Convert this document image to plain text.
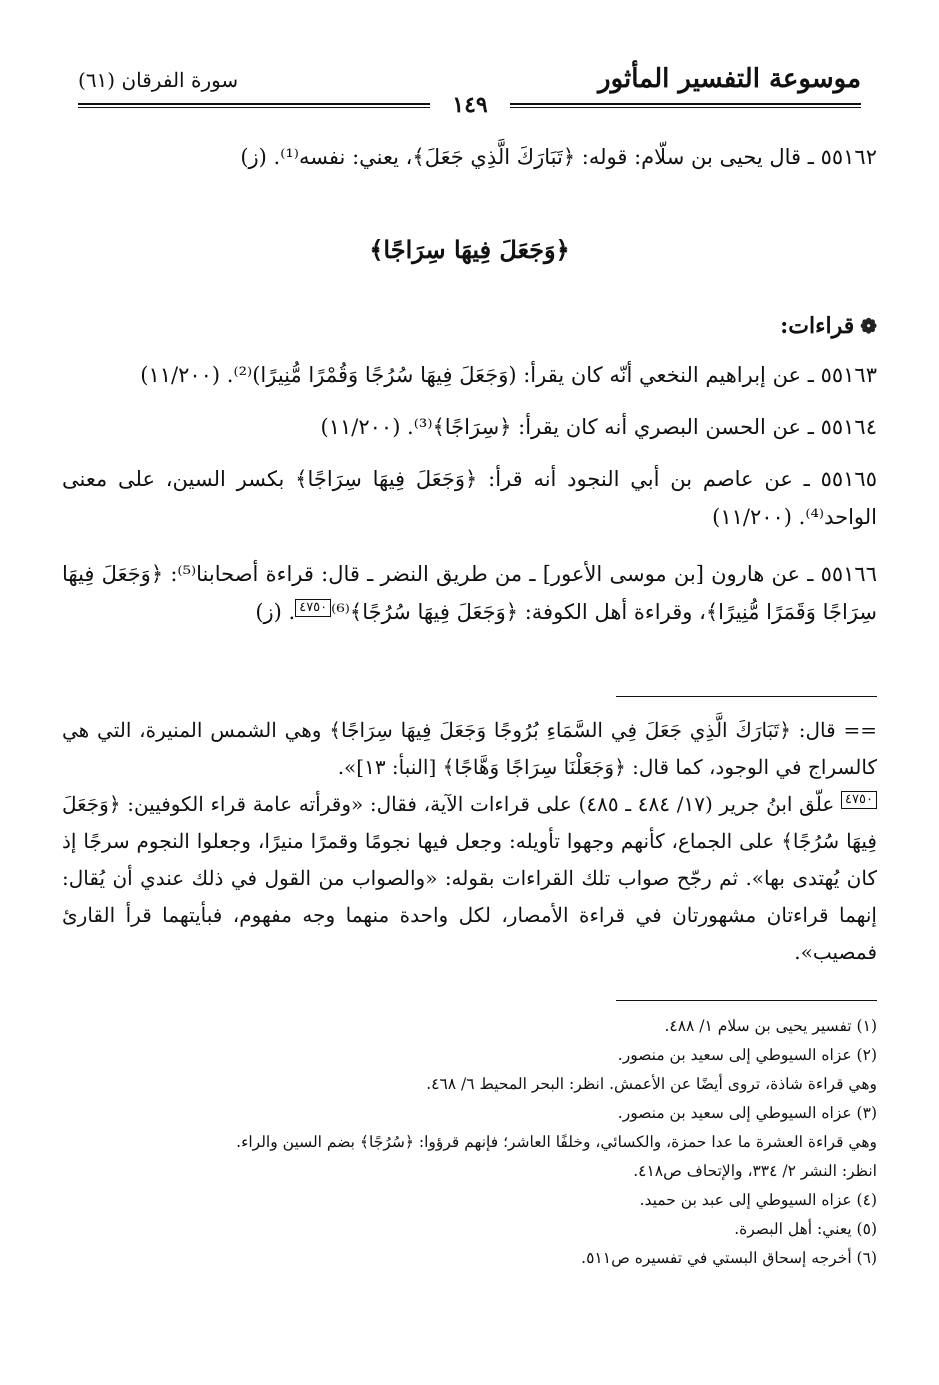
موسوعة التفسير المأثور
سورة الفرقان (٦١)
١٤٩

٥٥١٦٢ ـ قال يحيى بن سلّام: قوله: ﴿تَبَارَكَ الَّذِي جَعَلَ﴾، يعني: نفسه⁽¹⁾. (ز)

﴿وَجَعَلَ فِيهَا سِرَاجًا﴾
❁قراءات:

٥٥١٦٣ ـ عن إبراهيم النخعي أنّه كان يقرأ: (وَجَعَلَ فِيهَا سُرُجًا وَقُمْرًا مُّنِيرًا)⁽²⁾. (١١/٢٠٠)

٥٥١٦٤ ـ عن الحسن البصري أنه كان يقرأ: ﴿سِرَاجًا﴾⁽³⁾. (١١/٢٠٠)

٥٥١٦٥ ـ عن عاصم بن أبي النجود أنه قرأ: ﴿وَجَعَلَ فِيهَا سِرَاجًا﴾ بكسر السين، على معنى الواحد⁽⁴⁾. (١١/٢٠٠)

٥٥١٦٦ ـ عن هارون [بن موسى الأعور] ـ من طريق النضر ـ قال: قراءة أصحابنا⁽⁵⁾: ﴿وَجَعَلَ فِيهَا سِرَاجًا وَقَمَرًا مُّنِيرًا﴾، وقراءة أهل الكوفة: ﴿وَجَعَلَ فِيهَا سُرُجًا﴾⁽⁶⁾٤٧٥٠. (ز)

== قال: ﴿تَبَارَكَ الَّذِي جَعَلَ فِي السَّمَاءِ بُرُوجًا وَجَعَلَ فِيهَا سِرَاجًا﴾ وهي الشمس المنيرة، التي هي كالسراج في الوجود، كما قال: ﴿وَجَعَلْنَا سِرَاجًا وَهَّاجًا﴾ [النبأ: ١٣]».

٤٧٥٠ علّق ابنُ جرير (١٧/ ٤٨٤ ـ ٤٨٥) على قراءات الآية، فقال: «وقرأته عامة قراء الكوفيين: ﴿وَجَعَلَ فِيهَا سُرُجًا﴾ على الجماع، كأنهم وجهوا تأويله: وجعل فيها نجومًا وقمرًا منيرًا، وجعلوا النجوم سرجًا إذ كان يُهتدى بها». ثم رجّح صواب تلك القراءات بقوله: «والصواب من القول في ذلك عندي أن يُقال: إنهما قراءتان مشهورتان في قراءة الأمصار، لكل واحدة منهما وجه مفهوم، فبأيتهما قرأ القارئ فمصيب».

(١) تفسير يحيى بن سلام ١/ ٤٨٨.
(٢) عزاه السيوطي إلى سعيد بن منصور.
وهي قراءة شاذة، تروى أيضًا عن الأعمش. انظر: البحر المحيط ٦/ ٤٦٨.
(٣) عزاه السيوطي إلى سعيد بن منصور.
وهي قراءة العشرة ما عدا حمزة، والكسائي، وخلفًا العاشر؛ فإنهم قرؤوا: ﴿سُرُجًا﴾ بضم السين والراء.
انظر: النشر ٢/ ٣٣٤، والإتحاف ص٤١٨.
(٤) عزاه السيوطي إلى عبد بن حميد.
(٥) يعني: أهل البصرة.
(٦) أخرجه إسحاق البستي في تفسيره ص٥١١.
